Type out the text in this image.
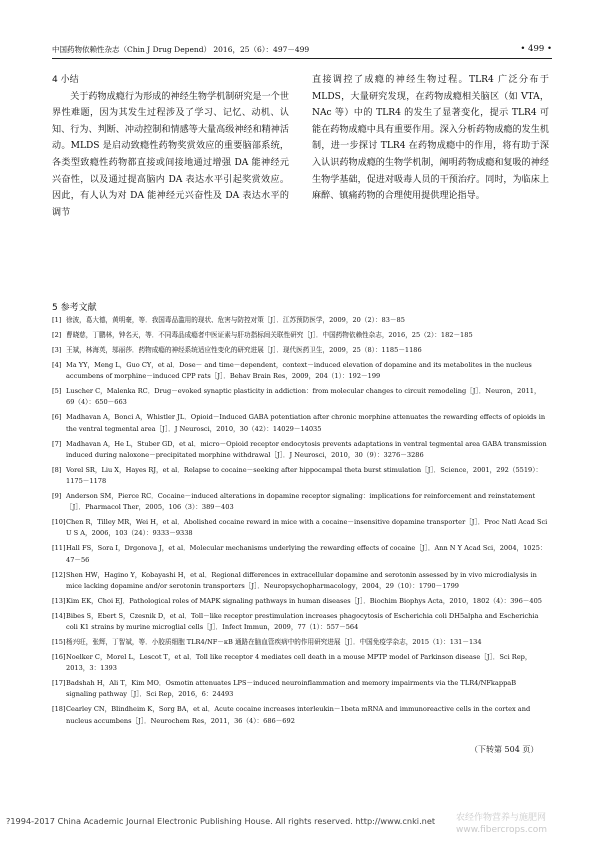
中国药物依赖性杂志（Chin J Drug Depend） 2016，25（6）：497－499	• 499 •

4 小结

关于药物成瘾行为形成的神经生物学机制研究是一个世界性难题，因为其发生过程涉及了学习、记忆、动机、认知、行为、判断、冲动控制和情感等大量高级神经和精神活动。MLDS 是启动致瘾性药物奖赏效应的重要脑部系统，各类型致瘾性药物都直接或间接地通过增强 DA 能神经元兴奋性，以及通过提高脑内 DA 表达水平引起奖赏效应。因此，有人认为对 DA 能神经元兴奋性及 DA 表达水平的调节

直接调控了成瘾的神经生物过程。TLR4 广泛分布于 MLDS，大量研究发现，在药物成瘾相关脑区（如 VTA，NAc 等）中的 TLR4 的发生了显著变化，提示 TLR4 可能在药物成瘾中具有重要作用。深入分析药物成瘾的发生机制，进一步探讨 TLR4 在药物成瘾中的作用，将有助于深入认识药物成瘾的生物学机制，阐明药物成瘾和复吸的神经生物学基础，促进对吸毒人员的干预治疗。同时，为临床上麻醉、镇痛药物的合理使用提供理论指导。

5 参考文献

[1] 徐波，葛大德，黄明豪，等．我国毒品滥用的现状、危害与防控对策［J］．江苏预防医学，2009，20（2）：83－85

[2] 曹晓慈，丁鹏林，钟名天，等．不同毒品成瘾者中医证素与肝功指标间关联性研究［J］．中国药物依赖性杂志，2016，25（2）：182－185

[3] 王斌，林海英，邬丽莎．药物成瘾的神经系统适应性变化的研究进展［J］．现代医药卫生，2009，25（8）：1185－1186

[4] Ma YY，Meng L，Guo CY，et al．Dose－ and time－dependent，context－induced elevation of dopamine and its metabolites in the nucleus accumbens of morphine－induced CPP rats［J］．Behav Brain Res，2009，204（1）：192－199

[5] Luscher C，Malenka RC．Drug－evoked synaptic plasticity in addiction：from molecular changes to circuit remodeling［J］．Neuron，2011，69（4）：650－663

[6] Madhavan A，Bonci A，Whistler JL．Opioid－Induced GABA potentiation after chronic morphine attenuates the rewarding effects of opioids in the ventral tegmental area［J］．J Neurosci，2010，30（42）：14029－14035

[7] Madhavan A，He L，Stuber GD，et al．micro－Opioid receptor endocytosis prevents adaptations in ventral tegmental area GABA transmission induced during naloxone－precipitated morphine withdrawal［J］．J Neurosci，2010，30（9）：3276－3286

[8] Vorel SR，Liu X，Hayes RJ，et al．Relapse to cocaine－seeking after hippocampal theta burst stimulation［J］．Science，2001，292（5519）：1175－1178

[9] Anderson SM，Pierce RC．Cocaine－induced alterations in dopamine receptor signaling：implications for reinforcement and reinstatement［J］．Pharmacol Ther，2005，106（3）：389－403

[10] Chen R，Tilley MR，Wei H，et al．Abolished cocaine reward in mice with a cocaine－insensitive dopamine transporter［J］．Proc Natl Acad Sci U S A，2006，103（24）：9333－9338

[11] Hall FS，Sora I，Drgonova J，et al．Molecular mechanisms underlying the rewarding effects of cocaine［J］．Ann N Y Acad Sci，2004，1025：47－56

[12] Shen HW，Hagino Y，Kobayashi H，et al．Regional differences in extracellular dopamine and serotonin assessed by in vivo microdialysis in mice lacking dopamine and/or serotonin transporters［J］．Neuropsychopharmacology，2004，29（10）：1790－1799

[13] Kim EK，Choi EJ．Pathological roles of MAPK signaling pathways in human diseases［J］．Biochim Biophys Acta，2010，1802（4）：396－405

[14] Bibes S，Ebert S，Czesnik D，et al．Toll－like receptor prestimulation increases phagocytosis of Escherichia coli DH5alpha and Escherichia coli K1 strains by murine microglial cells［J］．Infect Immun，2009，77（1）：557－564

[15] 杨兴旺，张辉，丁智斌，等．小胶质细胞 TLR4/NF－κB 通路在脑血管疾病中的作用研究进展［J］．中国免疫学杂志，2015（1）：131－134

[16] Noelker C，Morel L，Lescot T，et al．Toll like receptor 4 mediates cell death in a mouse MPTP model of Parkinson disease［J］．Sci Rep，2013，3：1393

[17] Badshah H，Ali T，Kim MO．Osmotin attenuates LPS－induced neuroinflammation and memory impairments via the TLR4/NFkappaB signaling pathway［J］．Sci Rep，2016，6：24493

[18] Cearley CN，Blindheim K，Sorg BA，et al．Acute cocaine increases interleukin－1beta mRNA and immunoreactive cells in the cortex and nucleus accumbens［J］．Neurochem Res，2011，36（4）：686－692

（下转第 504 页）
?1994-2017 China Academic Journal Electronic Publishing House. All rights reserved. http://www.cnki.net 农经作物营养与施肥网
www.fibercrops.com
